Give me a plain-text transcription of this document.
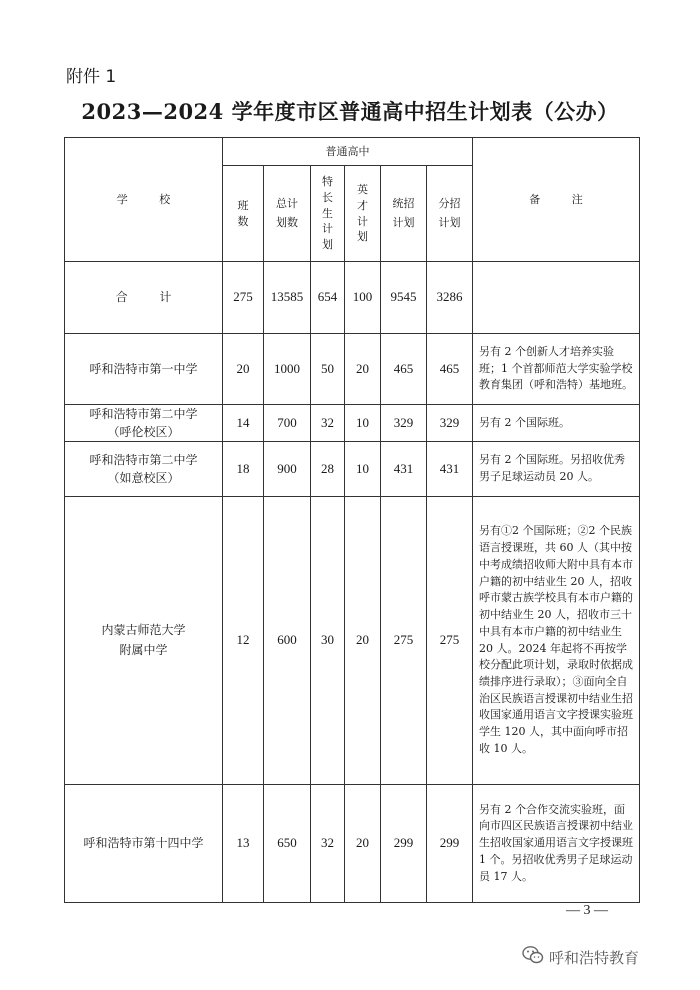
附件 1
2023—2024 学年度市区普通高中招生计划表（公办）
学 校	普通高中						备 注

	班数	总计划数	特长生计划	英才计划	统招计划	分招计划	

合 计	275	13585	654	100	9545	3286	
呼和浩特市第一中学	20	1000	50	20	465	465	另有 2 个创新人才培养实验班；1 个首都师范大学实验学校教育集团（呼和浩特）基地班。

呼和浩特市第二中学
（呼伦校区）	14	700	32	10	329	329	另有 2 个国际班。

呼和浩特市第二中学
（如意校区）	18	900	28	10	431	431	另有 2 个国际班。另招收优秀男子足球运动员 20 人。

内蒙古师范大学
附属中学	12	600	30	20	275	275	另有①2 个国际班；②2 个民族语言授课班，共 60 人（其中按中考成绩招收师大附中具有本市户籍的初中结业生 20 人，招收呼市蒙古族学校具有本市户籍的初中结业生 20 人，招收市三十中具有本市户籍的初中结业生 20 人。2024 年起将不再按学校分配此项计划，录取时依据成绩排序进行录取）；③面向全自治区民族语言授课初中结业生招收国家通用语言文字授课实验班学生 120 人，其中面向呼市招收 10 人。
呼和浩特市第十四中学	13	650	32	20	299	299	另有 2 个合作交流实验班，面向市四区民族语言授课初中结业生招收国家通用语言文字授课班 1 个。另招收优秀男子足球运动员 17 人。
— 3 —
呼和浩特教育
